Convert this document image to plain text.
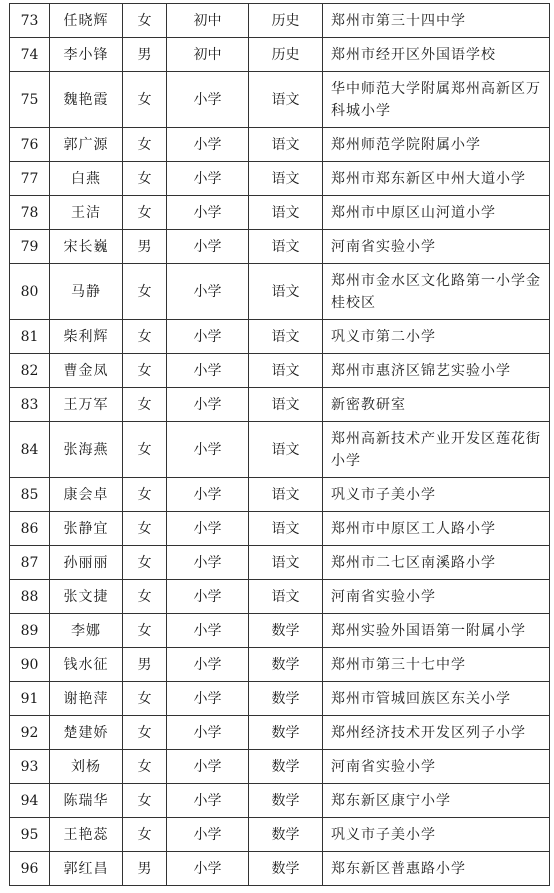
73	任晓辉	女	初中	历史	郑州市第三十四中学
74	李小锋	男	初中	历史	郑州市经开区外国语学校
75	魏艳霞	女	小学	语文	华中师范大学附属郑州高新区万科城小学
76	郭广源	女	小学	语文	郑州师范学院附属小学
77	白燕	女	小学	语文	郑州市郑东新区中州大道小学
78	王洁	女	小学	语文	郑州市中原区山河道小学
79	宋长巍	男	小学	语文	河南省实验小学
80	马静	女	小学	语文	郑州市金水区文化路第一小学金桂校区
81	柴利辉	女	小学	语文	巩义市第二小学
82	曹金凤	女	小学	语文	郑州市惠济区锦艺实验小学
83	王万军	女	小学	语文	新密教研室
84	张海燕	女	小学	语文	郑州高新技术产业开发区莲花街小学
85	康会卓	女	小学	语文	巩义市子美小学
86	张静宜	女	小学	语文	郑州市中原区工人路小学
87	孙丽丽	女	小学	语文	郑州市二七区南溪路小学
88	张文捷	女	小学	语文	河南省实验小学
89	李娜	女	小学	数学	郑州实验外国语第一附属小学
90	钱水征	男	小学	数学	郑州市第三十七中学
91	谢艳萍	女	小学	数学	郑州市管城回族区东关小学
92	楚建娇	女	小学	数学	郑州经济技术开发区列子小学
93	刘杨	女	小学	数学	河南省实验小学
94	陈瑞华	女	小学	数学	郑东新区康宁小学
95	王艳蕊	女	小学	数学	巩义市子美小学
96	郭红昌	男	小学	数学	郑东新区普惠路小学
